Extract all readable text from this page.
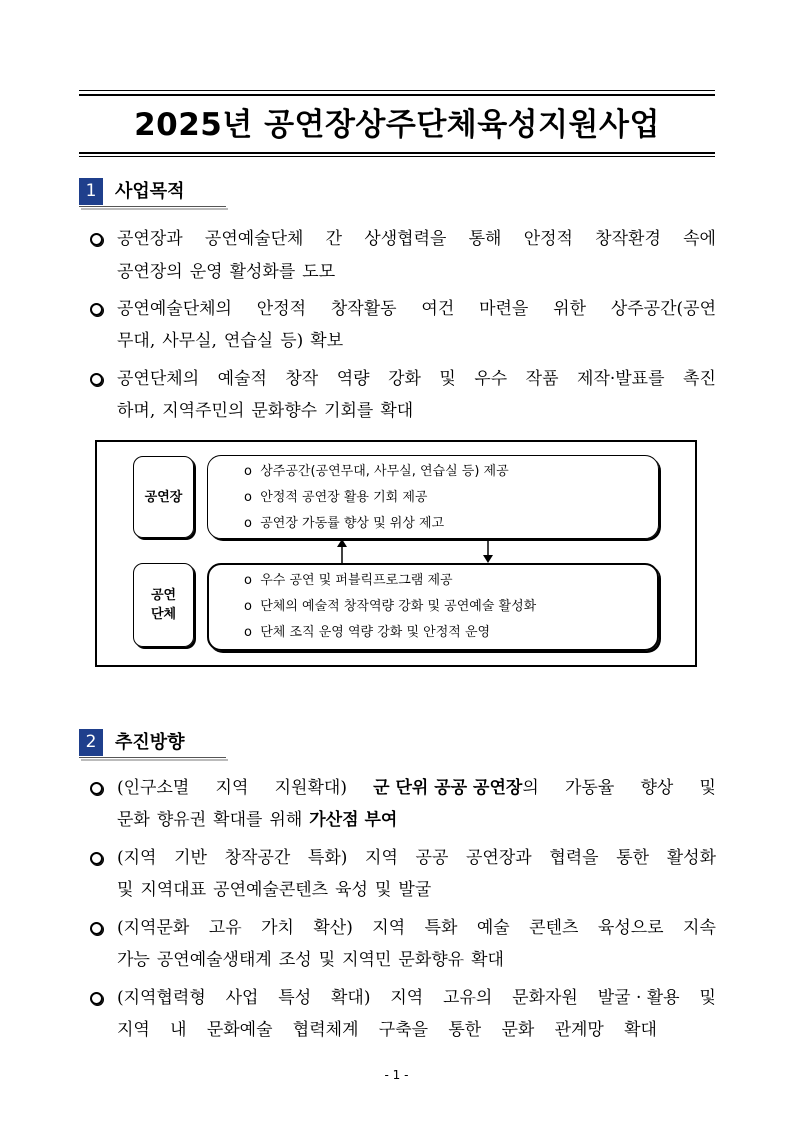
2025년 공연장상주단체육성지원사업
1	사업목적
공연장과 공연예술단체 간 상생협력을 통해 안정적 창작환경 속에
공연장의 운영 활성화를 도모
공연예술단체의 안정적 창작활동 여건 마련을 위한 상주공간(공연
무대, 사무실, 연습실 등) 확보
공연단체의 예술적 창작 역량 강화 및 우수 작품 제작·발표를 촉진
하며, 지역주민의 문화향수 기회를 확대
공연장
o 상주공간(공연무대, 사무실, 연습실 등) 제공
o 안정적 공연장 활용 기회 제공
o 공연장 가동률 향상 및 위상 제고
공연
단체
o 우수 공연 및 퍼블릭프로그램 제공
o 단체의 예술적 창작역량 강화 및 공연예술 활성화
o 단체 조직 운영 역량 강화 및 안정적 운영
2	추진방향
(인구소멸 지역 지원확대) 군 단위 공공 공연장의 가동율 향상 및
문화 향유권 확대를 위해 가산점 부여
(지역 기반 창작공간 특화) 지역 공공 공연장과 협력을 통한 활성화
및 지역대표 공연예술콘텐츠 육성 및 발굴
(지역문화 고유 가치 확산) 지역 특화 예술 콘텐츠 육성으로 지속
가능 공연예술생태계 조성 및 지역민 문화향유 확대
(지역협력형 사업 특성 확대) 지역 고유의 문화자원 발굴 · 활용 및
지역 내 문화예술 협력체계 구축을 통한 문화 관계망 확대
- 1 -
